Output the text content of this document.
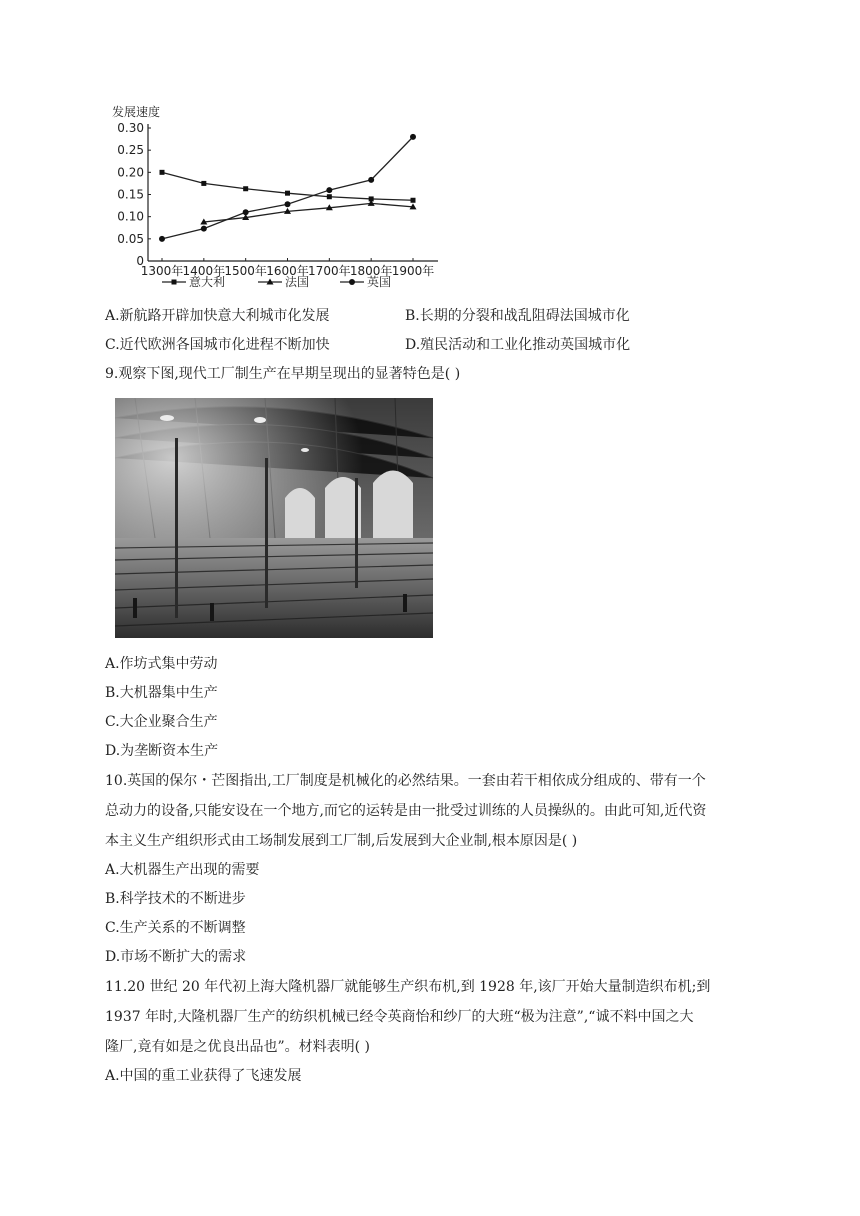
发展速度
0
0.05
0.10
0.15
0.20
0.25
0.30
1300年 1400年 1500年 1600年 1700年 1800年 1900年
意大利	法国	英国
A.新航路开辟加快意大利城市化发展	B.长期的分裂和战乱阻碍法国城市化
C.近代欧洲各国城市化进程不断加快	D.殖民活动和工业化推动英国城市化
9.观察下图,现代工厂制生产在早期呈现出的显著特色是( )
A.作坊式集中劳动
B.大机器集中生产
C.大企业聚合生产
D.为垄断资本生产
10.英国的保尔・芒图指出,工厂制度是机械化的必然结果。一套由若干相依成分组成的、带有一个
总动力的设备,只能安设在一个地方,而它的运转是由一批受过训练的人员操纵的。由此可知,近代资
本主义生产组织形式由工场制发展到工厂制,后发展到大企业制,根本原因是( )
A.大机器生产出现的需要
B.科学技术的不断进步
C.生产关系的不断调整
D.市场不断扩大的需求
11.20 世纪 20 年代初上海大隆机器厂就能够生产织布机,到 1928 年,该厂开始大量制造织布机;到
1937 年时,大隆机器厂生产的纺织机械已经令英商怡和纱厂的大班“极为注意”,“诚不料中国之大
隆厂,竟有如是之优良出品也”。材料表明( )
A.中国的重工业获得了飞速发展
